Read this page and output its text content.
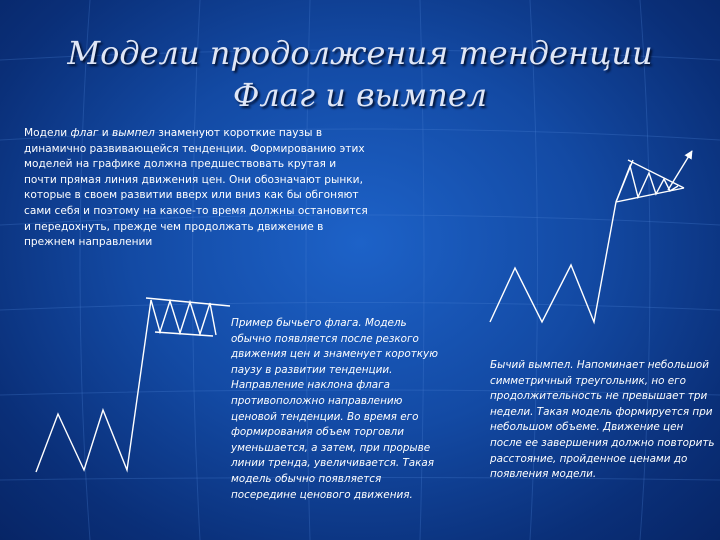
Модели продолжения тенденции
Флаг и вымпел
Модели флаг и вымпел знаменуют короткие паузы в динамично развивающейся тенденции. Формированию этих моделей на графике должна предшествовать крутая и почти прямая линия движения цен. Они обозначают рынки, которые в своем развитии вверх или вниз как бы обгоняют сами себя и поэтому на какое-то время должны остановится и передохнуть, прежде чем продолжать движение в прежнем направлении
Пример бычьего флага. Модель обычно появляется после резкого движения цен и знаменует короткую паузу в развитии тенденции. Направление наклона флага противоположно направлению ценовой тенденции. Во время его формирования объем торговли уменьшается, а затем, при прорыве линии тренда, увеличивается. Такая модель обычно появляется посередине ценового движения.
Бычий вымпел. Напоминает небольшой симметричный треугольник, но его продолжительность не превышает три недели. Такая модель формируется при небольшом объеме. Движение цен после ее завершения должно повторить расстояние, пройденное ценами до появления модели.
